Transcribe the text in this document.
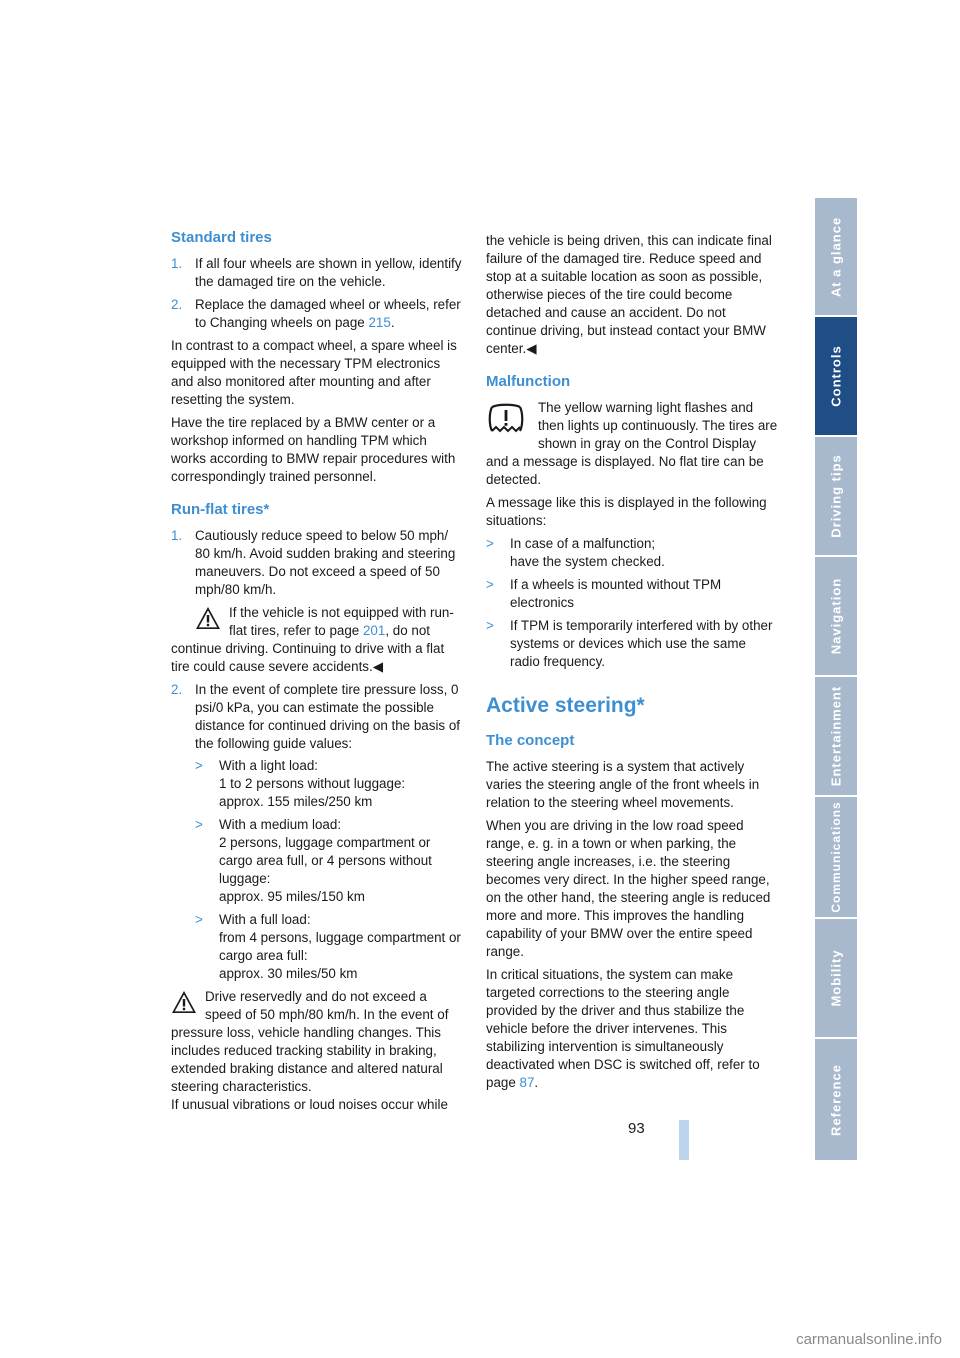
Standard tires
1. If all four wheels are shown in yellow, identify the damaged tire on the vehicle.
2. Replace the damaged wheel or wheels, refer to Changing wheels on page 215.

In contrast to a compact wheel, a spare wheel is equipped with the necessary TPM electronics and also monitored after mounting and after resetting the system.

Have the tire replaced by a BMW center or a workshop informed on handling TPM which works according to BMW repair procedures with correspondingly trained personnel.

Run-flat tires*
1. Cautiously reduce speed to below 50 mph/ 80 km/h. Avoid sudden braking and steering maneuvers. Do not exceed a speed of 50 mph/80 km/h.
If the vehicle is not equipped with run-flat tires, refer to page 201, do not continue driving. Continuing to drive with a flat tire could cause severe accidents.◀
2. In the event of complete tire pressure loss, 0 psi/0 kPa, you can estimate the possible distance for continued driving on the basis of the following guide values:
> With a light load:
1 to 2 persons without luggage:
approx. 155 miles/250 km
> With a medium load:
2 persons, luggage compartment or cargo area full, or 4 persons without luggage:
approx. 95 miles/150 km
> With a full load:
from 4 persons, luggage compartment or cargo area full:
approx. 30 miles/50 km
Drive reservedly and do not exceed a speed of 50 mph/80 km/h. In the event of pressure loss, vehicle handling changes. This includes reduced tracking stability in braking, extended braking distance and altered natural steering characteristics.
If unusual vibrations or loud noises occur while

the vehicle is being driven, this can indicate final failure of the damaged tire. Reduce speed and stop at a suitable location as soon as possible, otherwise pieces of the tire could become detached and cause an accident. Do not continue driving, but instead contact your BMW center.◀

Malfunction
The yellow warning light flashes and then lights up continuously. The tires are shown in gray on the Control Display and a message is displayed. No flat tire can be detected.

A message like this is displayed in the following situations:

> In case of a malfunction;
have the system checked.
> If a wheels is mounted without TPM electronics
> If TPM is temporarily interfered with by other systems or devices which use the same radio frequency.
Active steering*
The concept

The active steering is a system that actively varies the steering angle of the front wheels in relation to the steering wheel movements.

When you are driving in the low road speed range, e. g. in a town or when parking, the steering angle increases, i.e. the steering becomes very direct. In the higher speed range, on the other hand, the steering angle is reduced more and more. This improves the handling capability of your BMW over the entire speed range.

In critical situations, the system can make targeted corrections to the steering angle provided by the driver and thus stabilize the vehicle before the driver intervenes. This stabilizing intervention is simultaneously deactivated when DSC is switched off, refer to page 87.

At a glance
Controls
Driving tips
Navigation
Entertainment
Communications
Mobility
Reference
93
carmanualsonline.info
